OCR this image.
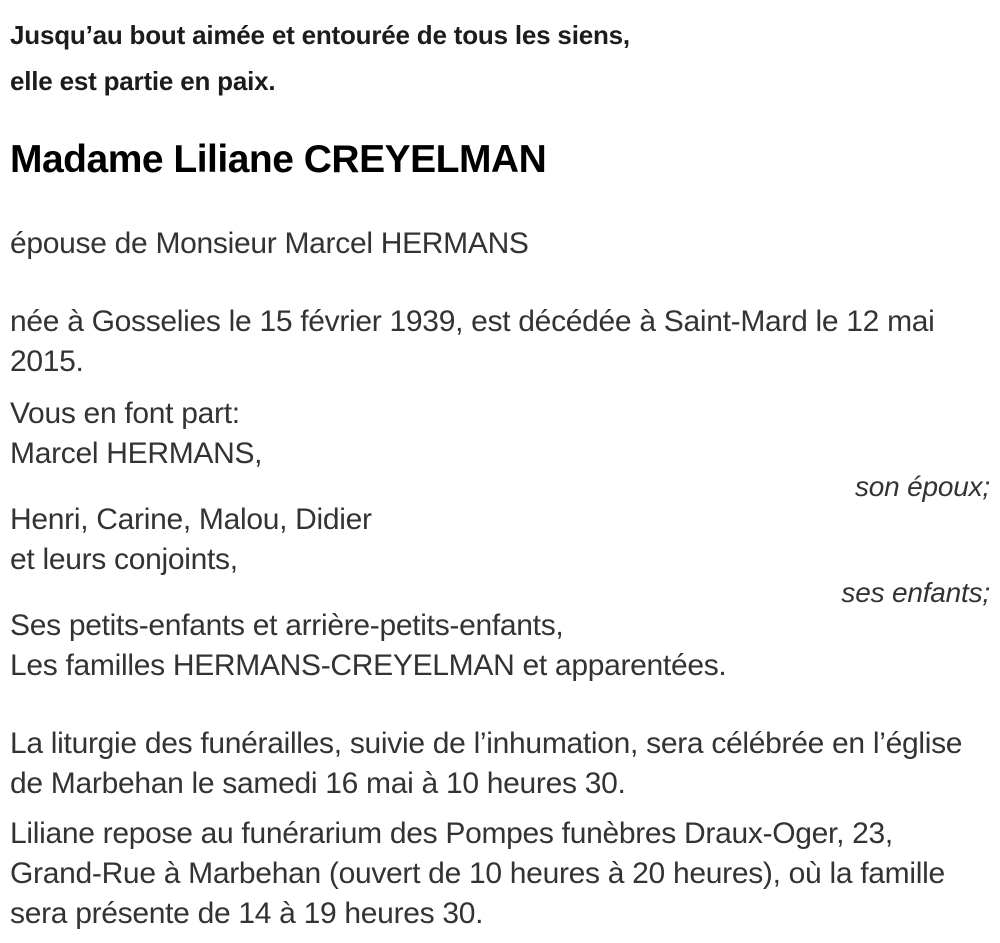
Jusqu’au bout aimée et entourée de tous les siens,
elle est partie en paix.
Madame Liliane CREYELMAN
épouse de Monsieur Marcel HERMANS
née à Gosselies le 15 février 1939, est décédée à Saint-Mard le 12 mai
2015.
Vous en font part:
Marcel HERMANS,
son époux;
Henri, Carine, Malou, Didier
et leurs conjoints,
ses enfants;
Ses petits-enfants et arrière-petits-enfants,
Les familles HERMANS-CREYELMAN et apparentées.
La liturgie des funérailles, suivie de l’inhumation, sera célébrée en l’église
de Marbehan le samedi 16 mai à 10 heures 30.
Liliane repose au funérarium des Pompes funèbres Draux-Oger, 23,
Grand-Rue à Marbehan (ouvert de 10 heures à 20 heures), où la famille
sera présente de 14 à 19 heures 30.
